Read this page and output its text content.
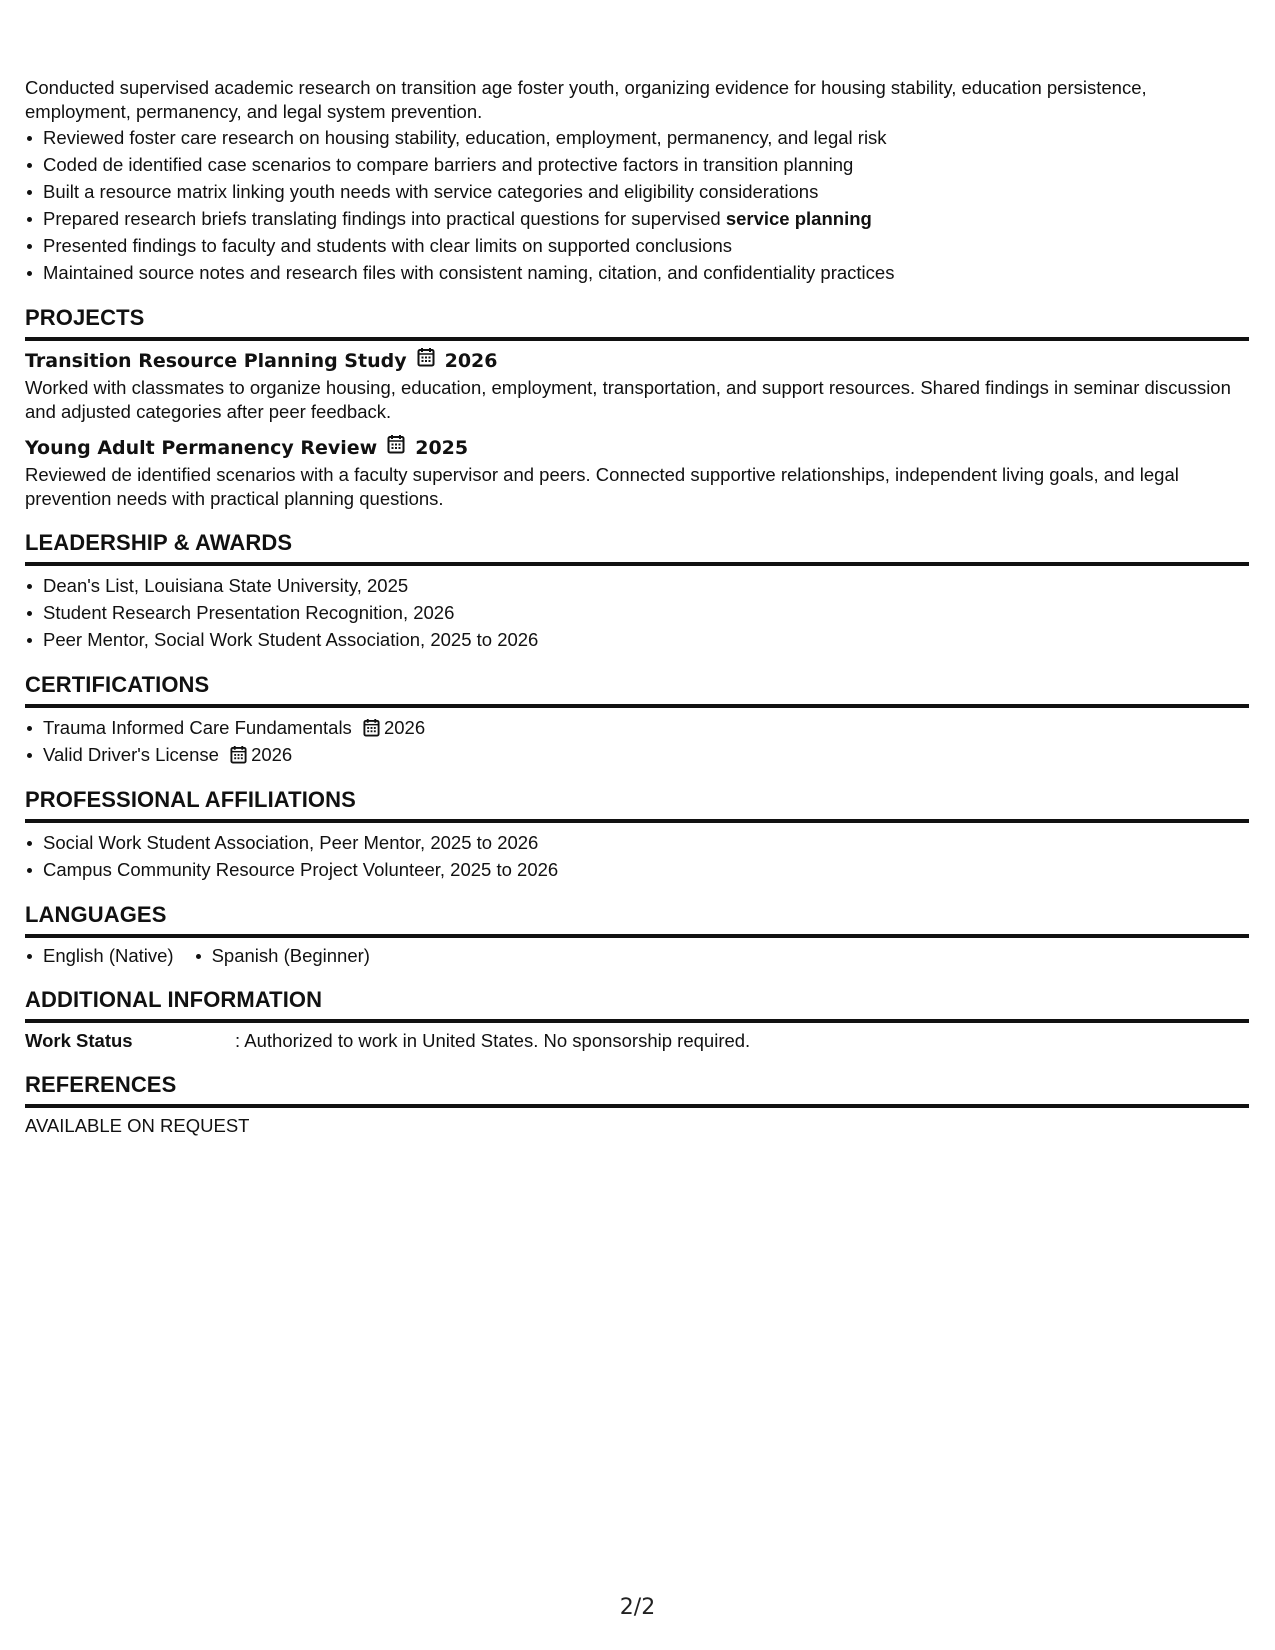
Conducted supervised academic research on transition age foster youth, organizing evidence for housing stability, education persistence, employment, permanency, and legal system prevention.

Reviewed foster care research on housing stability, education, employment, permanency, and legal risk
Coded de identified case scenarios to compare barriers and protective factors in transition planning
Built a resource matrix linking youth needs with service categories and eligibility considerations
Prepared research briefs translating findings into practical questions for supervised service planning
Presented findings to faculty and students with clear limits on supported conclusions
Maintained source notes and research files with consistent naming, citation, and confidentiality practices
PROJECTS
Transition Resource Planning Study 2026

Worked with classmates to organize housing, education, employment, transportation, and support resources. Shared findings in seminar discussion and adjusted categories after peer feedback.

Young Adult Permanency Review 2025

Reviewed de identified scenarios with a faculty supervisor and peers. Connected supportive relationships, independent living goals, and legal prevention needs with practical planning questions.

LEADERSHIP & AWARDS
Dean's List, Louisiana State University, 2025
Student Research Presentation Recognition, 2026
Peer Mentor, Social Work Student Association, 2025 to 2026
CERTIFICATIONS
Trauma Informed Care Fundamentals 2026
Valid Driver's License 2026
PROFESSIONAL AFFILIATIONS
Social Work Student Association, Peer Mentor, 2025 to 2026
Campus Community Resource Project Volunteer, 2025 to 2026
LANGUAGES
English (Native) Spanish (Beginner)
ADDITIONAL INFORMATION
Work Status	: Authorized to work in United States. No sponsorship required.
REFERENCES

AVAILABLE ON REQUEST

2/2
